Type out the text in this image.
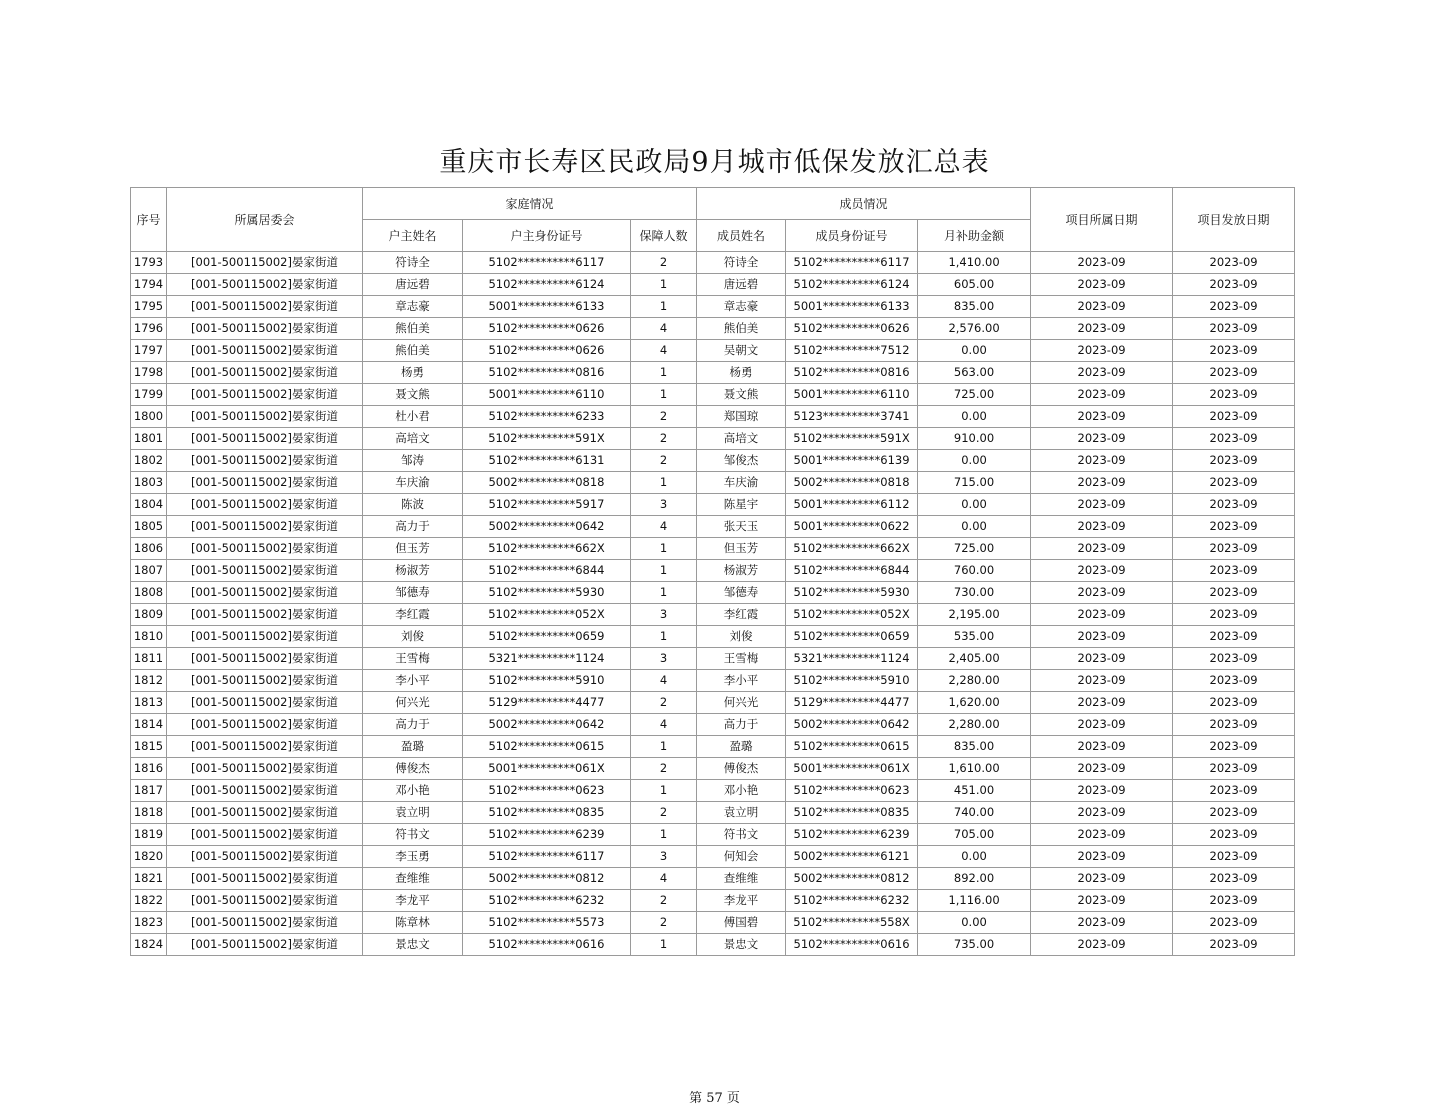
重庆市长寿区民政局9月城市低保发放汇总表
序号	所属居委会	家庭情况			成员情况			项目所属日期	项目发放日期
		户主姓名	户主身份证号	保障人数	成员姓名	成员身份证号	月补助金额		
1793	[001-500115002]晏家街道	符诗全	5102**********6117	2	符诗全	5102**********6117	1,410.00	2023-09	2023-09
1794	[001-500115002]晏家街道	唐远碧	5102**********6124	1	唐远碧	5102**********6124	605.00	2023-09	2023-09
1795	[001-500115002]晏家街道	章志豪	5001**********6133	1	章志豪	5001**********6133	835.00	2023-09	2023-09
1796	[001-500115002]晏家街道	熊伯美	5102**********0626	4	熊伯美	5102**********0626	2,576.00	2023-09	2023-09
1797	[001-500115002]晏家街道	熊伯美	5102**********0626	4	吴朝文	5102**********7512	0.00	2023-09	2023-09
1798	[001-500115002]晏家街道	杨勇	5102**********0816	1	杨勇	5102**********0816	563.00	2023-09	2023-09
1799	[001-500115002]晏家街道	聂文熊	5001**********6110	1	聂文熊	5001**********6110	725.00	2023-09	2023-09
1800	[001-500115002]晏家街道	杜小君	5102**********6233	2	郑国琼	5123**********3741	0.00	2023-09	2023-09
1801	[001-500115002]晏家街道	高培文	5102**********591X	2	高培文	5102**********591X	910.00	2023-09	2023-09
1802	[001-500115002]晏家街道	邹涛	5102**********6131	2	邹俊杰	5001**********6139	0.00	2023-09	2023-09
1803	[001-500115002]晏家街道	车庆渝	5002**********0818	1	车庆渝	5002**********0818	715.00	2023-09	2023-09
1804	[001-500115002]晏家街道	陈波	5102**********5917	3	陈星宇	5001**********6112	0.00	2023-09	2023-09
1805	[001-500115002]晏家街道	高力于	5002**********0642	4	张天玉	5001**********0622	0.00	2023-09	2023-09
1806	[001-500115002]晏家街道	但玉芳	5102**********662X	1	但玉芳	5102**********662X	725.00	2023-09	2023-09
1807	[001-500115002]晏家街道	杨淑芳	5102**********6844	1	杨淑芳	5102**********6844	760.00	2023-09	2023-09
1808	[001-500115002]晏家街道	邹德寿	5102**********5930	1	邹德寿	5102**********5930	730.00	2023-09	2023-09
1809	[001-500115002]晏家街道	李红霞	5102**********052X	3	李红霞	5102**********052X	2,195.00	2023-09	2023-09
1810	[001-500115002]晏家街道	刘俊	5102**********0659	1	刘俊	5102**********0659	535.00	2023-09	2023-09
1811	[001-500115002]晏家街道	王雪梅	5321**********1124	3	王雪梅	5321**********1124	2,405.00	2023-09	2023-09
1812	[001-500115002]晏家街道	李小平	5102**********5910	4	李小平	5102**********5910	2,280.00	2023-09	2023-09
1813	[001-500115002]晏家街道	何兴光	5129**********4477	2	何兴光	5129**********4477	1,620.00	2023-09	2023-09
1814	[001-500115002]晏家街道	高力于	5002**********0642	4	高力于	5002**********0642	2,280.00	2023-09	2023-09
1815	[001-500115002]晏家街道	盈璐	5102**********0615	1	盈璐	5102**********0615	835.00	2023-09	2023-09
1816	[001-500115002]晏家街道	傅俊杰	5001**********061X	2	傅俊杰	5001**********061X	1,610.00	2023-09	2023-09
1817	[001-500115002]晏家街道	邓小艳	5102**********0623	1	邓小艳	5102**********0623	451.00	2023-09	2023-09
1818	[001-500115002]晏家街道	袁立明	5102**********0835	2	袁立明	5102**********0835	740.00	2023-09	2023-09
1819	[001-500115002]晏家街道	符书文	5102**********6239	1	符书文	5102**********6239	705.00	2023-09	2023-09
1820	[001-500115002]晏家街道	李玉勇	5102**********6117	3	何知会	5002**********6121	0.00	2023-09	2023-09
1821	[001-500115002]晏家街道	查维维	5002**********0812	4	查维维	5002**********0812	892.00	2023-09	2023-09
1822	[001-500115002]晏家街道	李龙平	5102**********6232	2	李龙平	5102**********6232	1,116.00	2023-09	2023-09
1823	[001-500115002]晏家街道	陈章林	5102**********5573	2	傅国碧	5102**********558X	0.00	2023-09	2023-09
1824	[001-500115002]晏家街道	景忠文	5102**********0616	1	景忠文	5102**********0616	735.00	2023-09	2023-09
第 57 页
